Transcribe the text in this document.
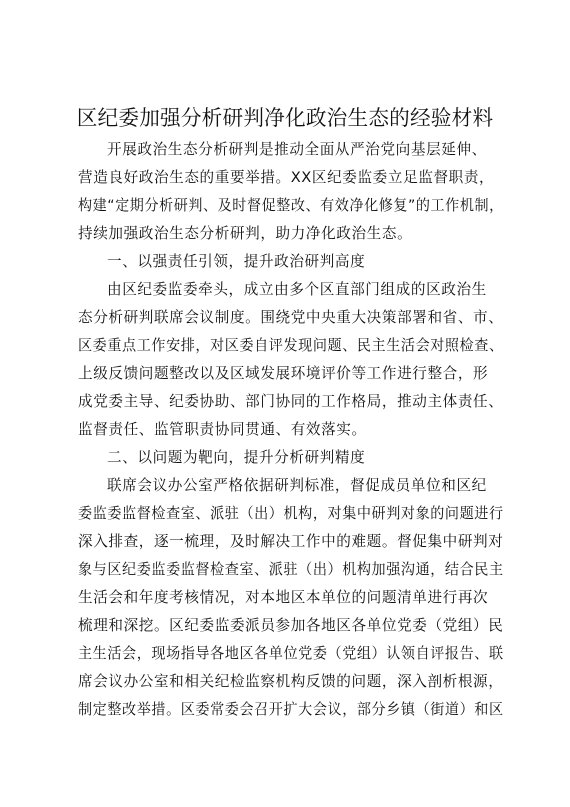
区纪委加强分析研判净化政治生态的经验材料
开展政治生态分析研判是推动全面从严治党向基层延伸、
营造良好政治生态的重要举措。XX区纪委监委立足监督职责，
构建“定期分析研判、及时督促整改、有效净化修复”的工作机制，
持续加强政治生态分析研判，助力净化政治生态。
一、以强责任引领，提升政治研判高度
由区纪委监委牵头，成立由多个区直部门组成的区政治生
态分析研判联席会议制度。围绕党中央重大决策部署和省、市、
区委重点工作安排，对区委自评发现问题、民主生活会对照检查、
上级反馈问题整改以及区域发展环境评价等工作进行整合，形
成党委主导、纪委协助、部门协同的工作格局，推动主体责任、
监督责任、监管职责协同贯通、有效落实。
二、以问题为靶向，提升分析研判精度
联席会议办公室严格依据研判标准，督促成员单位和区纪
委监委监督检查室、派驻（出）机构，对集中研判对象的问题进行
深入排查，逐一梳理，及时解决工作中的难题。督促集中研判对
象与区纪委监委监督检查室、派驻（出）机构加强沟通，结合民主
生活会和年度考核情况，对本地区本单位的问题清单进行再次
梳理和深挖。区纪委监委派员参加各地区各单位党委（党组）民
主生活会，现场指导各地区各单位党委（党组）认领自评报告、联
席会议办公室和相关纪检监察机构反馈的问题，深入剖析根源，
制定整改举措。区委常委会召开扩大会议，部分乡镇（街道）和区
